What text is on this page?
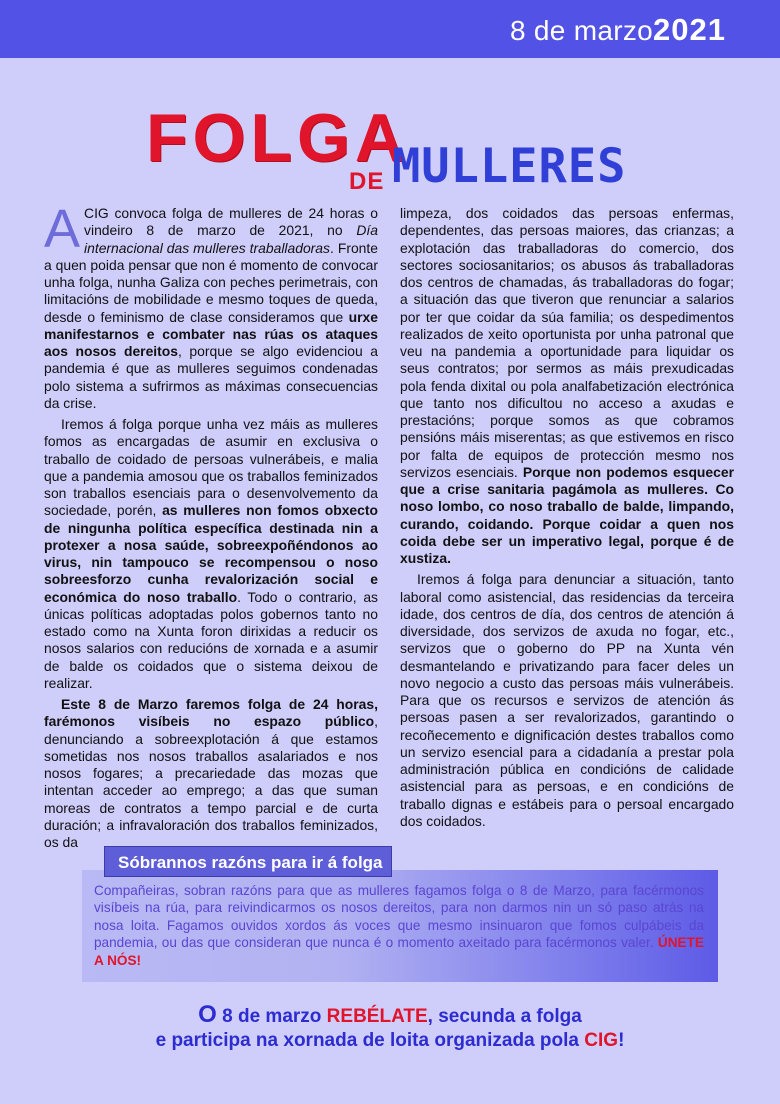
8 de marzo2021
FOLGA
DE MULLERES

ACIG convoca folga de mulleres de 24 horas o vindeiro 8 de marzo de 2021, no Día internacional das mulleres traballadoras. Fronte a quen poida pensar que non é momento de convocar unha folga, nunha Galiza con peches perimetrais, con limitacións de mobilidade e mesmo toques de queda, desde o feminismo de clase consideramos que urxe manifestarnos e combater nas rúas os ataques aos nosos dereitos, porque se algo evidenciou a pandemia é que as mulleres seguimos condenadas polo sistema a sufrirmos as máximas consecuencias da crise.

Iremos á folga porque unha vez máis as mulleres fomos as encargadas de asumir en exclusiva o traballo de coidado de persoas vulnerábeis, e malia que a pandemia amosou que os traballos feminizados son traballos esenciais para o desenvolvemento da sociedade, porén, as mulleres non fomos obxecto de ningunha política específica destinada nin a protexer a nosa saúde, sobreexpoñéndonos ao virus, nin tampouco se recompensou o noso sobreesforzo cunha revalorización social e económica do noso traballo. Todo o contrario, as únicas políticas adoptadas polos gobernos tanto no estado como na Xunta foron dirixidas a reducir os nosos salarios con reducións de xornada e a asumir de balde os coidados que o sistema deixou de realizar.

Este 8 de Marzo faremos folga de 24 horas, farémonos visíbeis no espazo público, denunciando a sobreexplotación á que estamos sometidas nos nosos traballos asalariados e nos nosos fogares; a precariedade das mozas que intentan acceder ao emprego; a das que suman moreas de contratos a tempo parcial e de curta duración; a infravaloración dos traballos feminizados, os da

limpeza, dos coidados das persoas enfermas, dependentes, das persoas maiores, das crianzas; a explotación das traballadoras do comercio, dos sectores sociosanitarios; os abusos ás traballadoras dos centros de chamadas, ás traballadoras do fogar; a situación das que tiveron que renunciar a salarios por ter que coidar da súa familia; os despedimentos realizados de xeito oportunista por unha patronal que veu na pandemia a oportunidade para liquidar os seus contratos; por sermos as máis prexudicadas pola fenda dixital ou pola analfabetización electrónica que tanto nos dificultou no acceso a axudas e prestacións; porque somos as que cobramos pensións máis miserentas; as que estivemos en risco por falta de equipos de protección mesmo nos servizos esenciais. Porque non podemos esquecer que a crise sanitaria pagámola as mulleres. Co noso lombo, co noso traballo de balde, limpando, curando, coidando. Porque coidar a quen nos coida debe ser un imperativo legal, porque é de xustiza.

Iremos á folga para denunciar a situación, tanto laboral como asistencial, das residencias da terceira idade, dos centros de día, dos centros de atención á diversidade, dos servizos de axuda no fogar, etc., servizos que o goberno do PP na Xunta vén desmantelando e privatizando para facer deles un novo negocio a custo das persoas máis vulnerábeis. Para que os recursos e servizos de atención ás persoas pasen a ser revalorizados, garantindo o recoñecemento e dignificación destes traballos como un servizo esencial para a cidadanía a prestar pola administración pública en condicións de calidade asistencial para as persoas, e en condicións de traballo dignas e estábeis para o persoal encargado dos coidados.

Sóbrannos razóns para ir á folga
Compañeiras, sobran razóns para que as mulleres fagamos folga o 8 de Marzo, para facérmonos visíbeis na rúa, para reivindicarmos os nosos dereitos, para non darmos nin un só paso atrás na nosa loita. Fagamos ouvidos xordos ás voces que mesmo insinuaron que fomos culpábeis da pandemia, ou das que consideran que nunca é o momento axeitado para facérmonos valer. ÚNETE A NÓS!
O 8 de marzo REBÉLATE, secunda a folga
e participa na xornada de loita organizada pola CIG!
